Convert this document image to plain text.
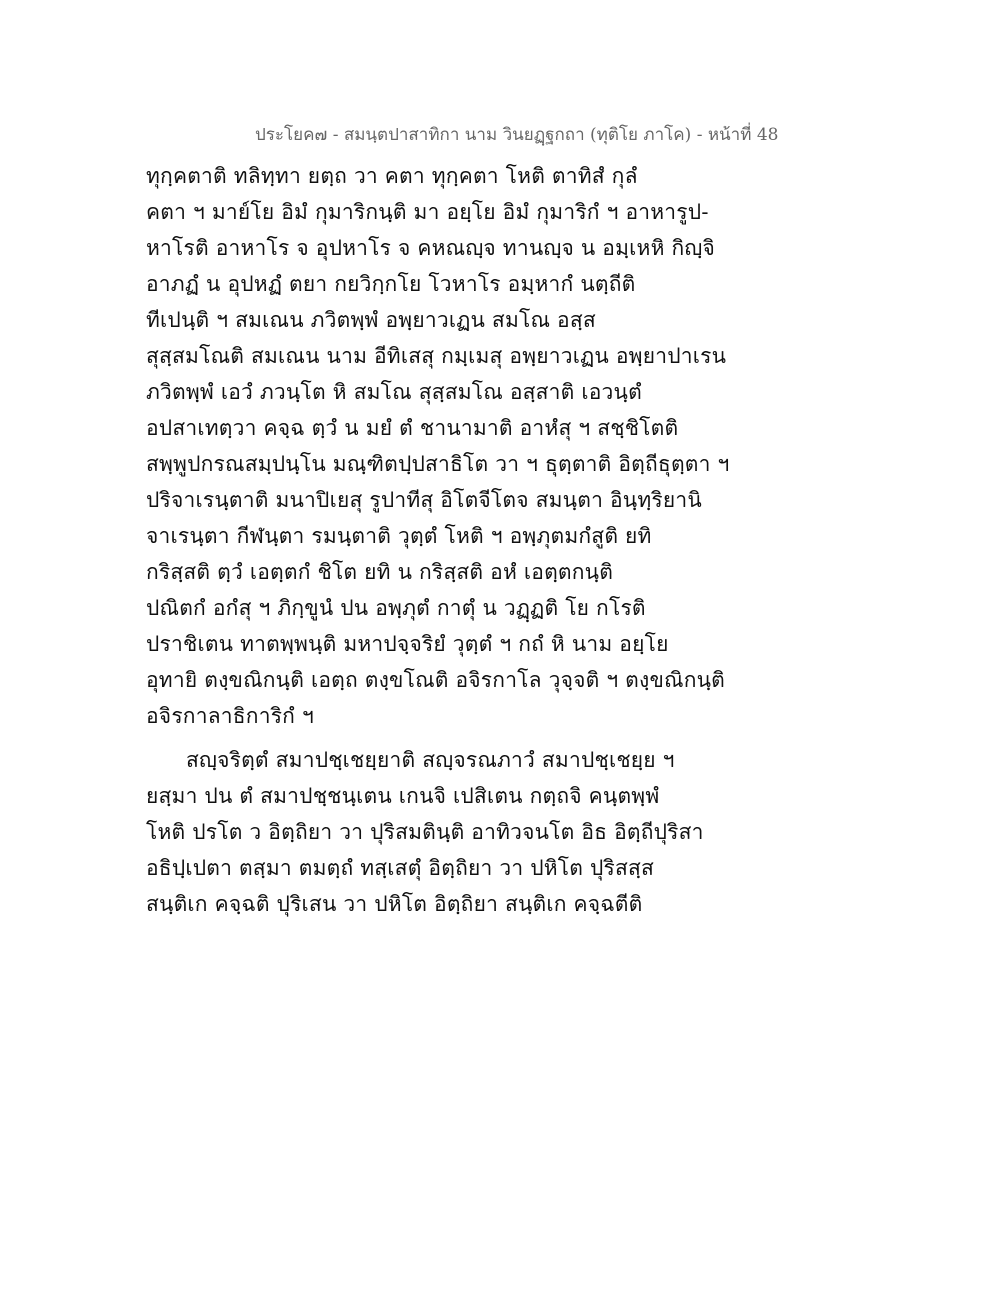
ประโยค๗ - สมนฺตปาสาทิกา นาม วินยฏฺฐกถา (ทุติโย ภาโค) - หน้าที่ 48
ทุกฺคตาติ ทลิทฺทา ยตฺถ วา คตา ทุกฺคตา โหติ ตาทิสํ กุลํ
คตา ฯ มาย์โย อิมํ กุมาริกนฺติ มา อยฺโย อิมํ กุมาริกํ ฯ อาหารูป-
หาโรติ อาหาโร จ อุปหาโร จ คหณญฺจ ทานญฺจ น อมฺเหหิ กิญฺจิ
อาภฏํ น อุปหฏํ ตยา กยวิกฺกโย โวหาโร อมฺหากํ นตฺถีติ
ทีเปนฺติ ฯ สมเณน ภวิตพฺพํ อพฺยาวเฏน สมโณ อสฺส
สุสฺสมโณติ สมเณน นาม อีทิเสสุ กมฺเมสุ อพฺยาวเฏน อพฺยาปาเรน
ภวิตพฺพํ เอวํ ภวนฺโต หิ สมโณ สุสฺสมโณ อสฺสาติ เอวนฺตํ
อปสาเทตฺวา คจฺฉ ตฺวํ น มยํ ตํ ชานามาติ อาหํสุ ฯ สชฺชิโตติ
สพฺพูปกรณสมฺปนฺโน มณฺฑิตปฺปสาธิโต วา ฯ ธุตฺตาติ อิตฺถีธุตฺตา ฯ
ปริจาเรนฺตาติ มนาปิเยสุ รูปาทีสุ อิโตจีโตจ สมนฺตา อินฺทฺริยานิ
จาเรนฺตา กีฬนฺตา รมนฺตาติ วุตฺตํ โหติ ฯ อพฺภุตมกํสูติ ยทิ
กริสฺสติ ตฺวํ เอตฺตกํ ชิโต ยทิ น กริสฺสติ อหํ เอตฺตกนฺติ
ปณิตกํ อกํสุ ฯ ภิกฺขูนํ ปน อพฺภุตํ กาตุํ น วฏฺฏติ โย กโรติ
ปราชิเตน ทาตพฺพนฺติ มหาปจฺจริยํ วุตฺตํ ฯ กถํ หิ นาม อยฺโย
อุทายิ ตงฺขณิกนฺติ เอตฺถ ตงฺขโณติ อจิรกาโล วุจฺจติ ฯ ตงฺขณิกนฺติ
อจิรกาลาธิการิกํ ฯ
สญฺจริตฺตํ สมาปชฺเชยฺยาติ สญฺจรณภาวํ สมาปชฺเชยฺย ฯ
ยสฺมา ปน ตํ สมาปชฺชนฺเตน เกนจิ เปสิเตน กตฺถจิ คนฺตพฺพํ
โหติ ปรโต ว อิตฺถิยา วา ปุริสมตินฺติ อาทิวจนโต อิธ อิตฺถีปุริสา
อธิปฺเปตา ตสฺมา ตมตฺถํ ทสฺเสตุํ อิตฺถิยา วา ปหิโต ปุริสสฺส
สนฺติเก คจฺฉติ ปุริเสน วา ปหิโต อิตฺถิยา สนฺติเก คจฺฉตีติ
